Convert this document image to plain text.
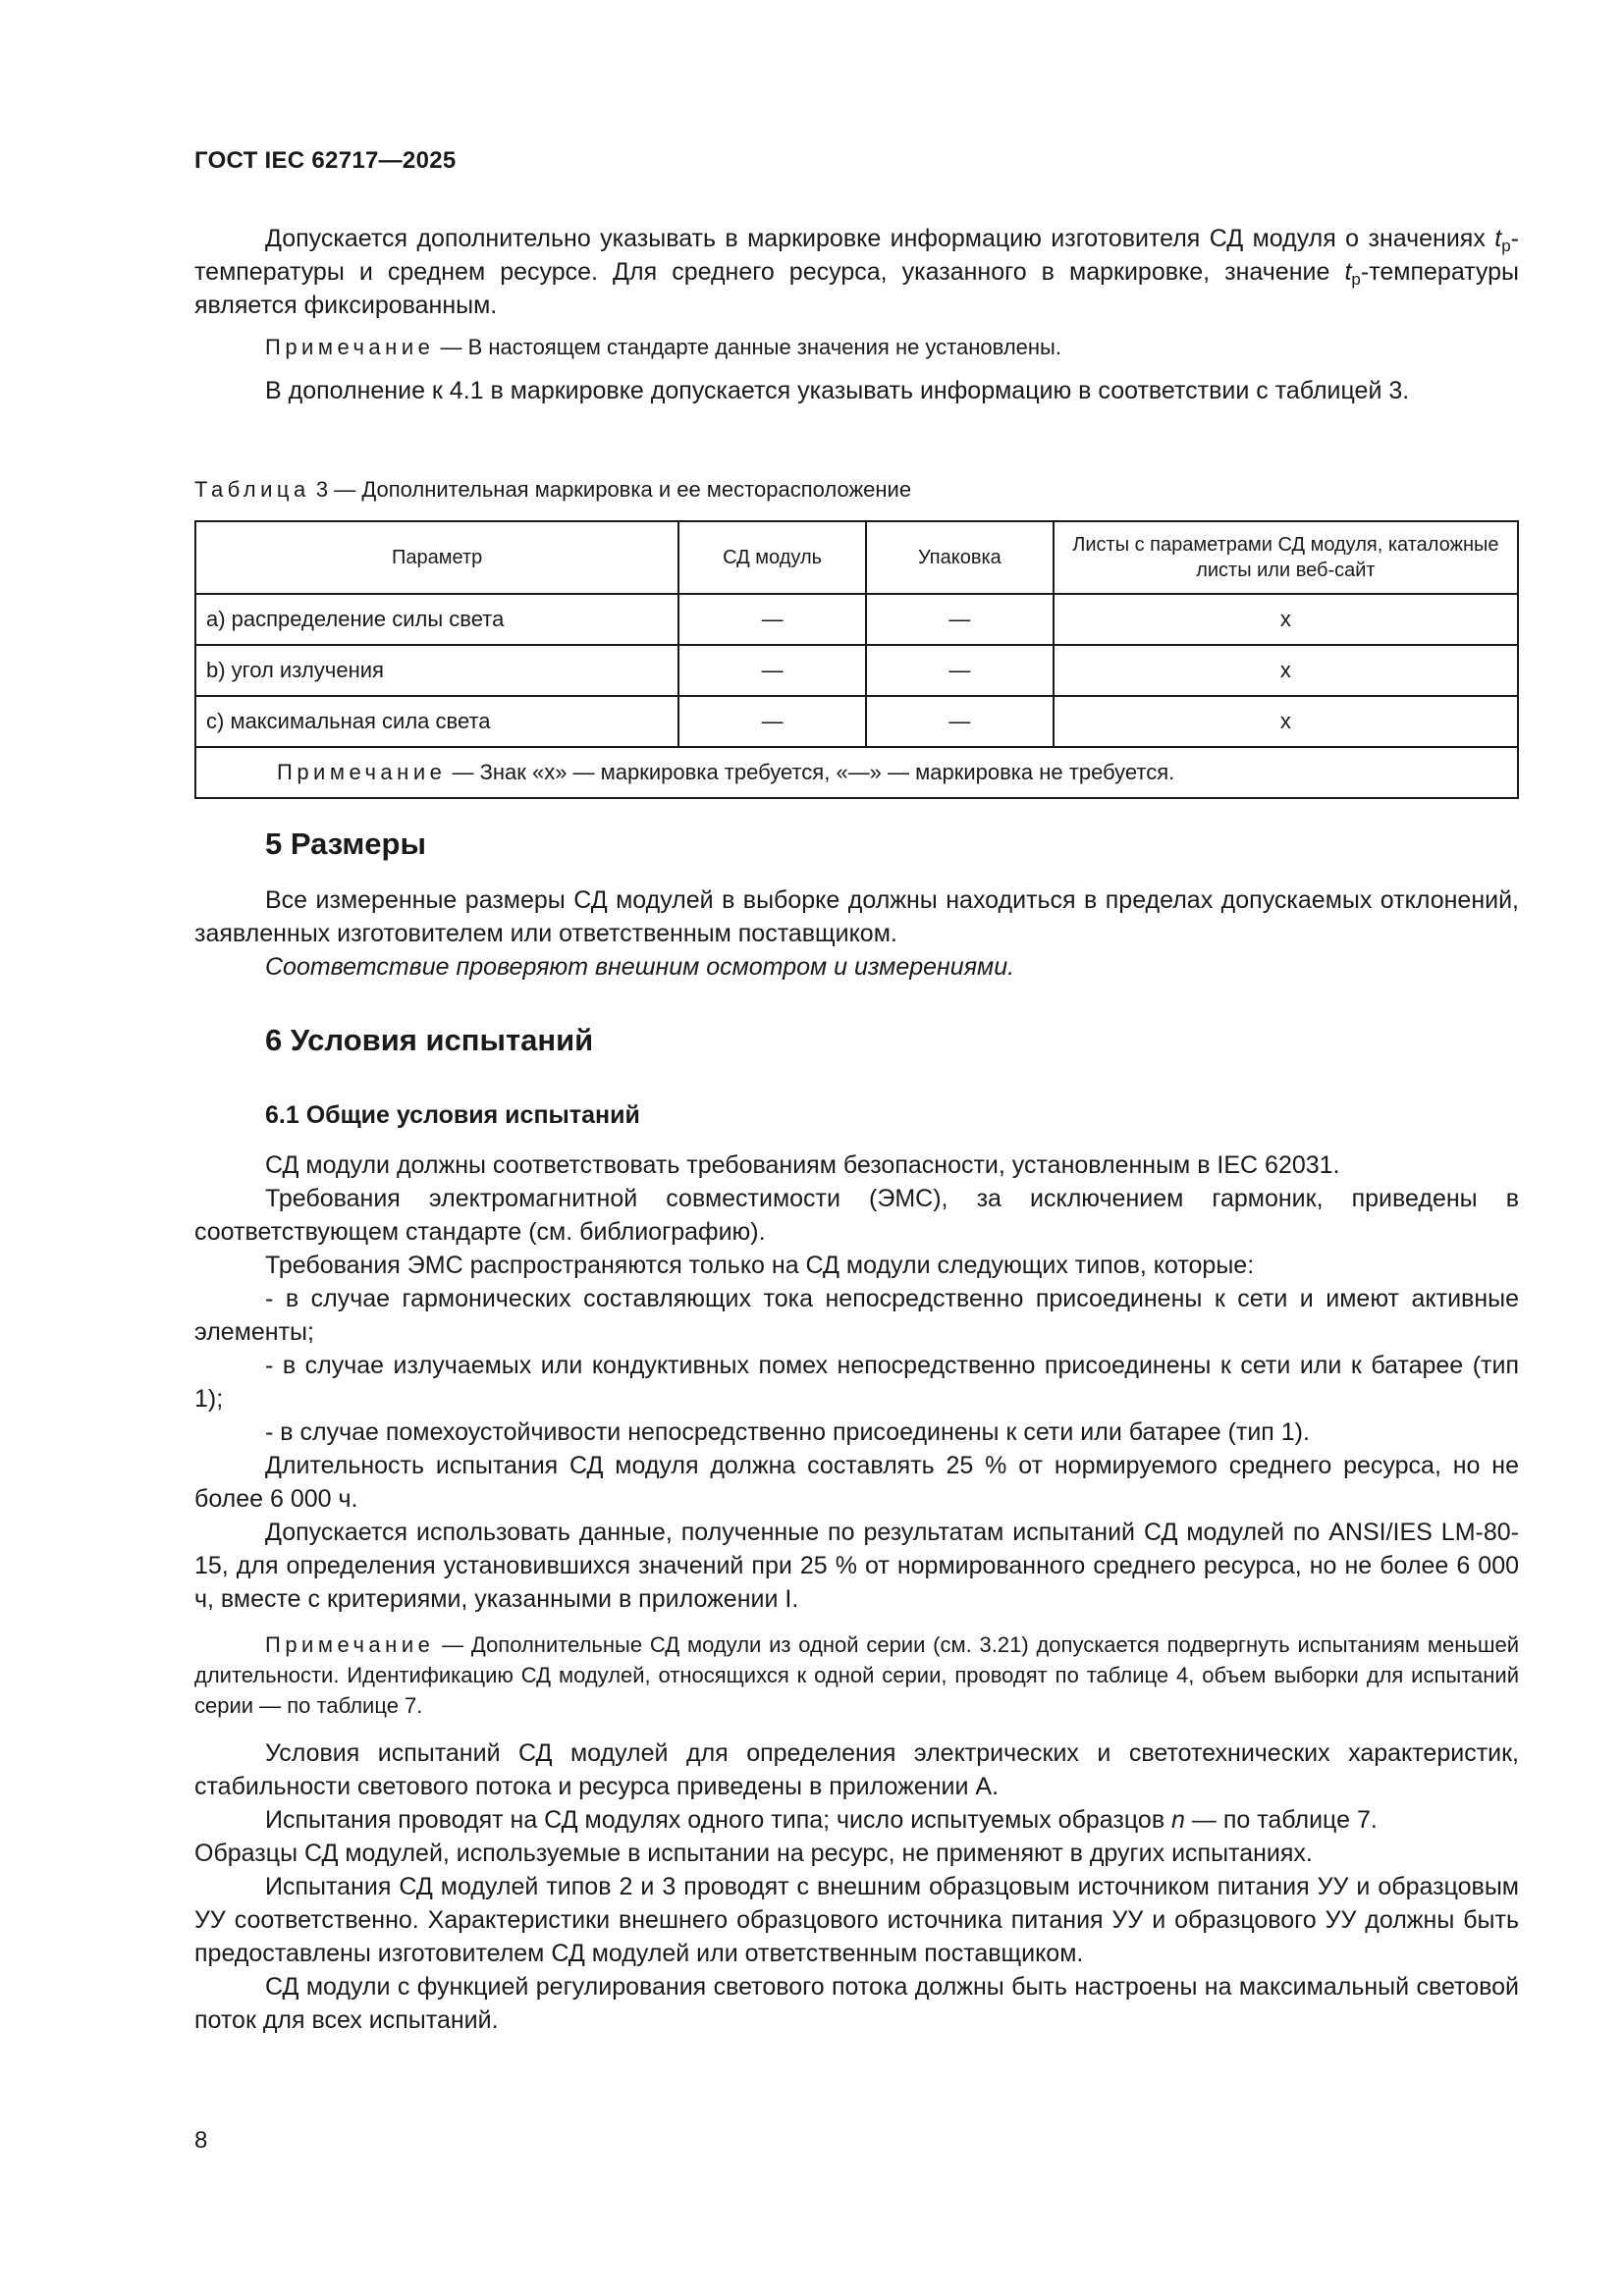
ГОСТ IEC 62717—2025

Допускается дополнительно указывать в маркировке информацию изготовителя СД модуля о значениях $t_p$-температуры и среднем ресурсе. Для среднего ресурса, указанного в маркировке, значение $t_p$-температуры является фиксированным.

Примечание — В настоящем стандарте данные значения не установлены.

В дополнение к 4.1 в маркировке допускается указывать информацию в соответствии с таблицей 3.

Таблица 3 — Дополнительная маркировка и ее месторасположение
Параметр	СД модуль	Упаковка	Листы с параметрами СД модуля, каталожные листы или веб-сайт
а) распределение силы света	—	—	х
b) угол излучения	—	—	х
с) максимальная сила света	—	—	х
Примечание — Знак «х» — маркировка требуется, «—» — маркировка не требуется.			
5 Размеры

Все измеренные размеры СД модулей в выборке должны находиться в пределах допускаемых отклонений, заявленных изготовителем или ответственным поставщиком.

Соответствие проверяют внешним осмотром и измерениями.

6 Условия испытаний
6.1 Общие условия испытаний

СД модули должны соответствовать требованиям безопасности, установленным в IEC 62031.

Требования электромагнитной совместимости (ЭМС), за исключением гармоник, приведены в соответствующем стандарте (см. библиографию).

Требования ЭМС распространяются только на СД модули следующих типов, которые:

- в случае гармонических составляющих тока непосредственно присоединены к сети и имеют активные элементы;

- в случае излучаемых или кондуктивных помех непосредственно присоединены к сети или к батарее (тип 1);

- в случае помехоустойчивости непосредственно присоединены к сети или батарее (тип 1).

Длительность испытания СД модуля должна составлять 25 % от нормируемого среднего ресурса, но не более 6 000 ч.

Допускается использовать данные, полученные по результатам испытаний СД модулей по ANSI/IES LM-80-15, для определения установившихся значений при 25 % от нормированного среднего ресурса, но не более 6 000 ч, вместе с критериями, указанными в приложении I.

Примечание — Дополнительные СД модули из одной серии (см. 3.21) допускается подвергнуть испытаниям меньшей длительности. Идентификацию СД модулей, относящихся к одной серии, проводят по таблице 4, объем выборки для испытаний серии — по таблице 7.

Условия испытаний СД модулей для определения электрических и светотехнических характеристик, стабильности светового потока и ресурса приведены в приложении А.

Испытания проводят на СД модулях одного типа; число испытуемых образцов n — по таблице 7.

Образцы СД модулей, используемые в испытании на ресурс, не применяют в других испытаниях.

Испытания СД модулей типов 2 и 3 проводят с внешним образцовым источником питания УУ и образцовым УУ соответственно. Характеристики внешнего образцового источника питания УУ и образцового УУ должны быть предоставлены изготовителем СД модулей или ответственным поставщиком.

СД модули с функцией регулирования светового потока должны быть настроены на максимальный световой поток для всех испытаний.

8
